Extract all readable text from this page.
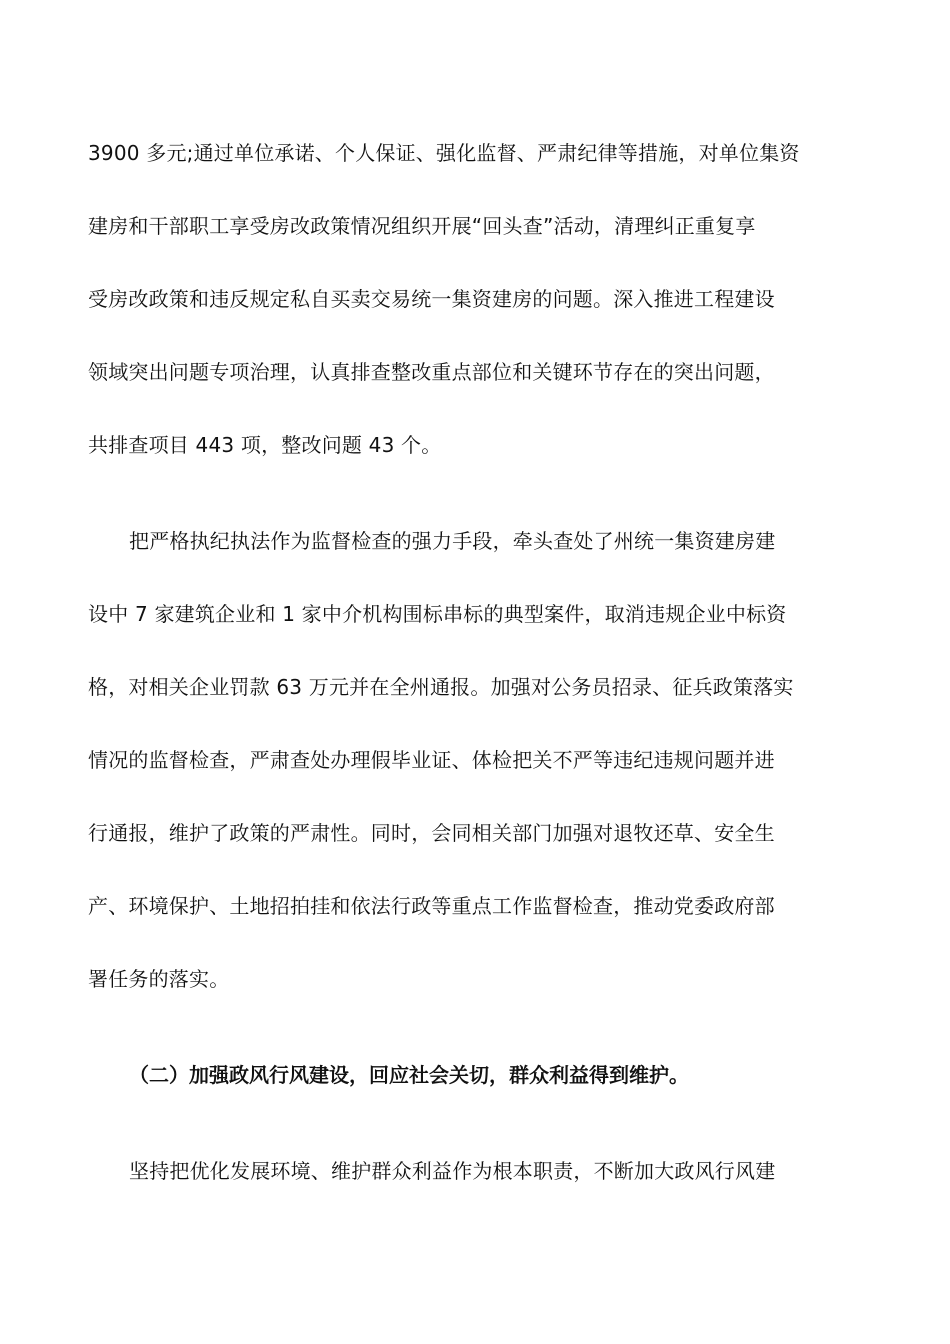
3900 多元;通过单位承诺、个人保证、强化监督、严肃纪律等措施，对单位集资
建房和干部职工享受房改政策情况组织开展“回头查”活动，清理纠正重复享
受房改政策和违反规定私自买卖交易统一集资建房的问题。深入推进工程建设
领域突出问题专项治理，认真排查整改重点部位和关键环节存在的突出问题，
共排查项目 443 项，整改问题 43 个。
把严格执纪执法作为监督检查的强力手段，牵头查处了州统一集资建房建
设中 7 家建筑企业和 1 家中介机构围标串标的典型案件，取消违规企业中标资
格，对相关企业罚款 63 万元并在全州通报。加强对公务员招录、征兵政策落实
情况的监督检查，严肃查处办理假毕业证、体检把关不严等违纪违规问题并进
行通报，维护了政策的严肃性。同时，会同相关部门加强对退牧还草、安全生
产、环境保护、土地招拍挂和依法行政等重点工作监督检查，推动党委政府部
署任务的落实。
（二）加强政风行风建设，回应社会关切，群众利益得到维护。
坚持把优化发展环境、维护群众利益作为根本职责，不断加大政风行风建
